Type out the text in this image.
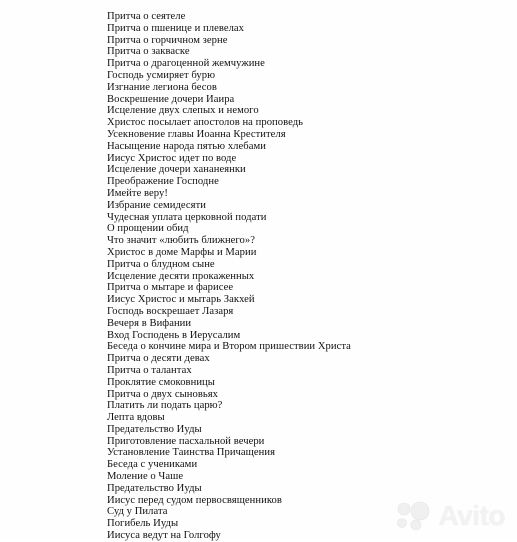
Притча о сеятеле
Притча о пшенице и плевелах
Притча о горчичном зерне
Притча о закваске
Притча о драгоценной жемчужине
Господь усмиряет бурю
Изгнание легиона бесов
Воскрешение дочери Иаира
Исцеление двух слепых и немого
Христос посылает апостолов на проповедь
Усекновение главы Иоанна Крестителя
Насыщение народа пятью хлебами
Иисус Христос идет по воде
Исцеление дочери хананеянки
Преображение Господне
Имейте веру!
Избрание семидесяти
Чудесная уплата церковной подати
О прощении обид
Что значит «любить ближнего»?
Христос в доме Марфы и Марии
Притча о блудном сыне
Исцеление десяти прокаженных
Притча о мытаре и фарисее
Иисус Христос и мытарь Закхей
Господь воскрешает Лазаря
Вечеря в Вифании
Вход Господень в Иерусалим
Беседа о кончине мира и Втором пришествии Христа
Притча о десяти девах
Притча о талантах
Проклятие смоковницы
Притча о двух сыновьях
Платить ли подать царю?
Лепта вдовы
Предательство Иуды
Приготовление пасхальной вечери
Установление Таинства Причащения
Беседа с учениками
Моление о Чаше
Предательство Иуды
Иисус перед судом первосвященников
Суд у Пилата
Погибель Иуды
Иисуса ведут на Голгофу
Avito
